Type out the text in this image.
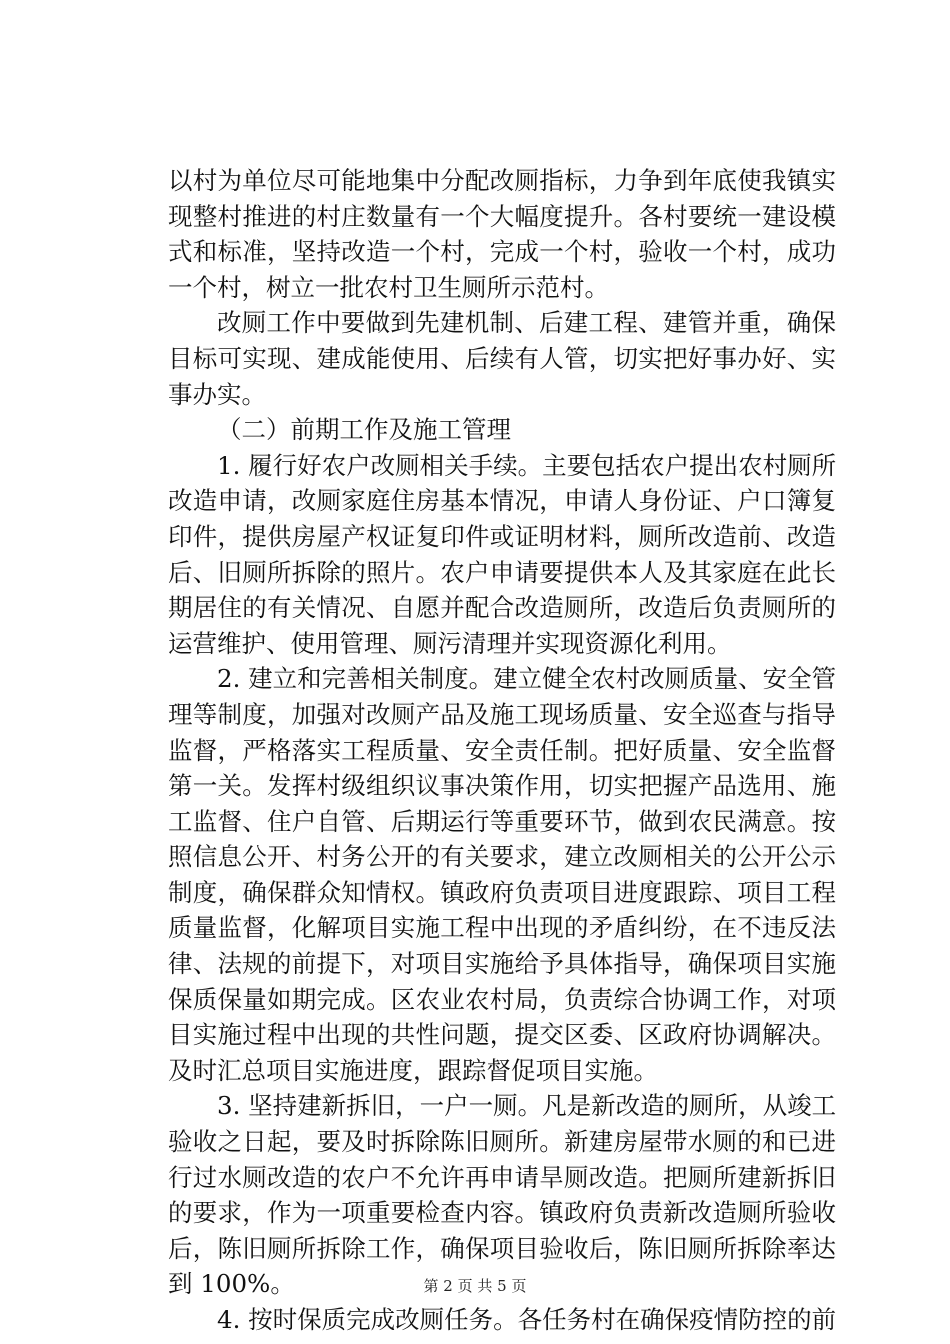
以村为单位尽可能地集中分配改厕指标，力争到年底使我镇实
现整村推进的村庄数量有一个大幅度提升。各村要统一建设模
式和标准，坚持改造一个村，完成一个村，验收一个村，成功
一个村，树立一批农村卫生厕所示范村。
改厕工作中要做到先建机制、后建工程、建管并重，确保
目标可实现、建成能使用、后续有人管，切实把好事办好、实
事办实。
（二）前期工作及施工管理
1. 履行好农户改厕相关手续。主要包括农户提出农村厕所
改造申请，改厕家庭住房基本情况，申请人身份证、户口簿复
印件，提供房屋产权证复印件或证明材料，厕所改造前、改造
后、旧厕所拆除的照片。农户申请要提供本人及其家庭在此长
期居住的有关情况、自愿并配合改造厕所，改造后负责厕所的
运营维护、使用管理、厕污清理并实现资源化利用。
2. 建立和完善相关制度。建立健全农村改厕质量、安全管
理等制度，加强对改厕产品及施工现场质量、安全巡查与指导
监督，严格落实工程质量、安全责任制。把好质量、安全监督
第一关。发挥村级组织议事决策作用，切实把握产品选用、施
工监督、住户自管、后期运行等重要环节，做到农民满意。按
照信息公开、村务公开的有关要求，建立改厕相关的公开公示
制度，确保群众知情权。镇政府负责项目进度跟踪、项目工程
质量监督，化解项目实施工程中出现的矛盾纠纷，在不违反法
律、法规的前提下，对项目实施给予具体指导，确保项目实施
保质保量如期完成。区农业农村局，负责综合协调工作，对项
目实施过程中出现的共性问题，提交区委、区政府协调解决。
及时汇总项目实施进度，跟踪督促项目实施。
3. 坚持建新拆旧，一户一厕。凡是新改造的厕所，从竣工
验收之日起，要及时拆除陈旧厕所。新建房屋带水厕的和已进
行过水厕改造的农户不允许再申请旱厕改造。把厕所建新拆旧
的要求，作为一项重要检查内容。镇政府负责新改造厕所验收
后，陈旧厕所拆除工作，确保项目验收后，陈旧厕所拆除率达
到 100%。
4. 按时保质完成改厕任务。各任务村在确保疫情防控的前
第 2 页 共 5 页
